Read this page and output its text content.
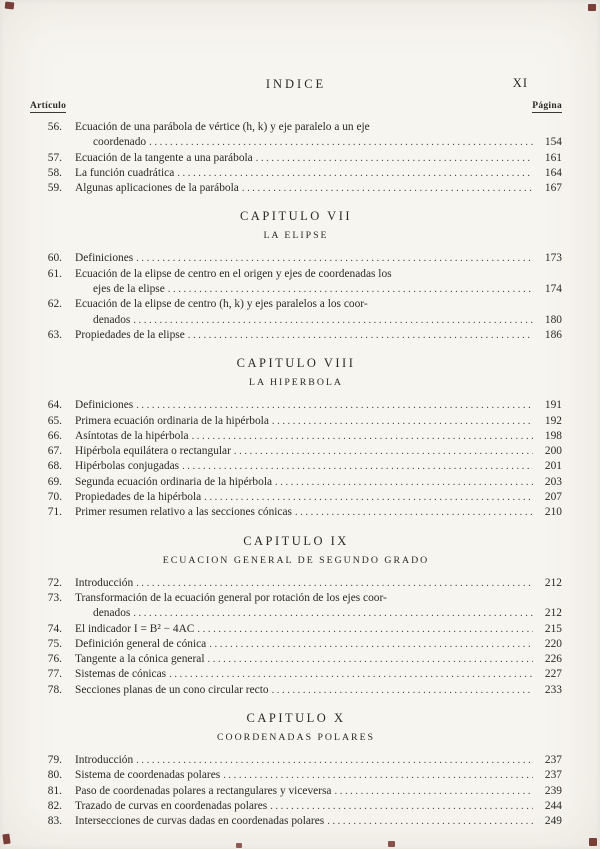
INDICE	XI
Artículo	Página
56.	Ecuación de una parábola de vértice (h, k) y eje paralelo a un eje
coordenado .....	154
57.	Ecuación de la tangente a una parábola .....	161
58.	La función cuadrática .....	164
59.	Algunas aplicaciones de la parábola .....	167
CAPITULO VII
LA ELIPSE
60.	Definiciones .....	173
61.	Ecuación de la elipse de centro en el origen y ejes de coordenadas los
ejes de la elipse .....	174
62.	Ecuación de la elipse de centro (h, k) y ejes paralelos a los coor-
denados .....	180
63.	Propiedades de la elipse .....	186
CAPITULO VIII
LA HIPERBOLA
64.	Definiciones .....	191
65.	Primera ecuación ordinaria de la hipérbola .....	192
66.	Asíntotas de la hipérbola .....	198
67.	Hipérbola equilátera o rectangular .....	200
68.	Hipérbolas conjugadas .....	201
69.	Segunda ecuación ordinaria de la hipérbola .....	203
70.	Propiedades de la hipérbola .....	207
71.	Primer resumen relativo a las secciones cónicas .....	210
CAPITULO IX
ECUACION GENERAL DE SEGUNDO GRADO
72.	Introducción .....	212
73.	Transformación de la ecuación general por rotación de los ejes coor-
denados .....	212
74.	El indicador I = B² − 4AC .....	215
75.	Definición general de cónica .....	220
76.	Tangente a la cónica general .....	226
77.	Sistemas de cónicas .....	227
78.	Secciones planas de un cono circular recto .....	233
CAPITULO X
COORDENADAS POLARES
79.	Introducción .....	237
80.	Sistema de coordenadas polares .....	237
81.	Paso de coordenadas polares a rectangulares y viceversa .....	239
82.	Trazado de curvas en coordenadas polares .....	244
83.	Intersecciones de curvas dadas en coordenadas polares .....	249
